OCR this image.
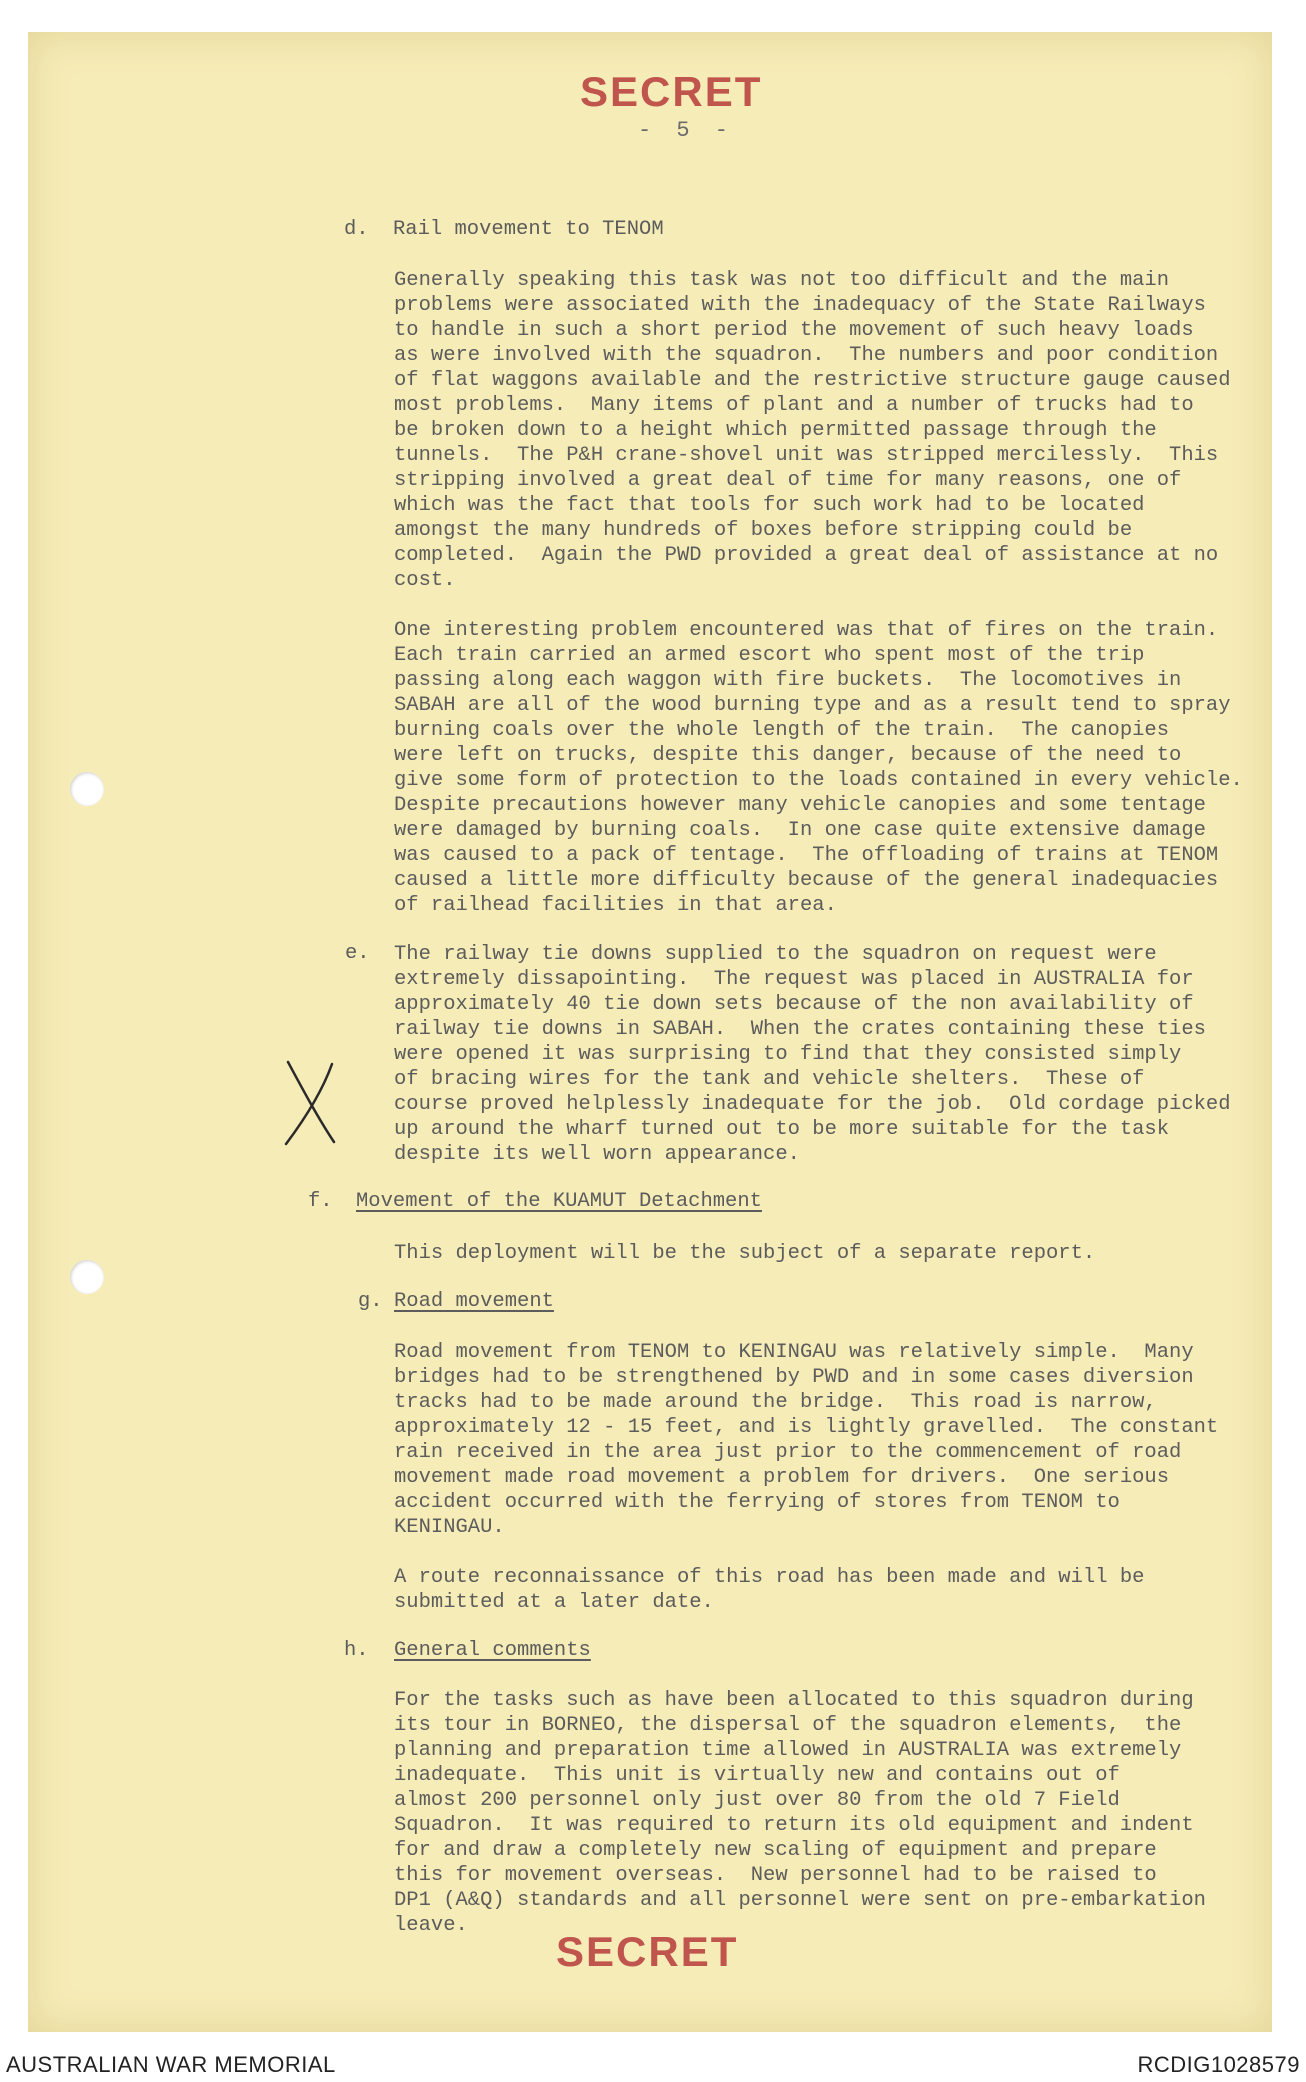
SECRET
- 5 -
d. Rail movement to TENOM
Generally speaking this task was not too difficult and the main
problems were associated with the inadequacy of the State Railways
to handle in such a short period the movement of such heavy loads
as were involved with the squadron.  The numbers and poor condition
of flat waggons available and the restrictive structure gauge caused
most problems.  Many items of plant and a number of trucks had to
be broken down to a height which permitted passage through the
tunnels.  The P&H crane-shovel unit was stripped mercilessly.  This
stripping involved a great deal of time for many reasons, one of
which was the fact that tools for such work had to be located
amongst the many hundreds of boxes before stripping could be
completed.  Again the PWD provided a great deal of assistance at no
cost.
One interesting problem encountered was that of fires on the train.
Each train carried an armed escort who spent most of the trip
passing along each waggon with fire buckets.  The locomotives in
SABAH are all of the wood burning type and as a result tend to spray
burning coals over the whole length of the train.  The canopies
were left on trucks, despite this danger, because of the need to
give some form of protection to the loads contained in every vehicle.
Despite precautions however many vehicle canopies and some tentage
were damaged by burning coals.  In one case quite extensive damage
was caused to a pack of tentage.  The offloading of trains at TENOM
caused a little more difficulty because of the general inadequacies
of railhead facilities in that area.
e. The railway tie downs supplied to the squadron on request were
extremely dissapointing.  The request was placed in AUSTRALIA for
approximately 40 tie down sets because of the non availability of
railway tie downs in SABAH.  When the crates containing these ties
were opened it was surprising to find that they consisted simply
of bracing wires for the tank and vehicle shelters.  These of
course proved helplessly inadequate for the job.  Old cordage picked
up around the wharf turned out to be more suitable for the task
despite its well worn appearance.
f. Movement of the KUAMUT Detachment
This deployment will be the subject of a separate report.
g. Road movement
Road movement from TENOM to KENINGAU was relatively simple.  Many
bridges had to be strengthened by PWD and in some cases diversion
tracks had to be made around the bridge.  This road is narrow,
approximately 12 - 15 feet, and is lightly gravelled.  The constant
rain received in the area just prior to the commencement of road
movement made road movement a problem for drivers.  One serious
accident occurred with the ferrying of stores from TENOM to
KENINGAU.
A route reconnaissance of this road has been made and will be
submitted at a later date.
h. General comments
For the tasks such as have been allocated to this squadron during
its tour in BORNEO, the dispersal of the squadron elements,  the
planning and preparation time allowed in AUSTRALIA was extremely
inadequate.  This unit is virtually new and contains out of
almost 200 personnel only just over 80 from the old 7 Field
Squadron.  It was required to return its old equipment and indent
for and draw a completely new scaling of equipment and prepare
this for movement overseas.  New personnel had to be raised to
DP1 (A&Q) standards and all personnel were sent on pre-embarkation
leave.
SECRET
AUSTRALIAN WAR MEMORIAL	RCDIG1028579
